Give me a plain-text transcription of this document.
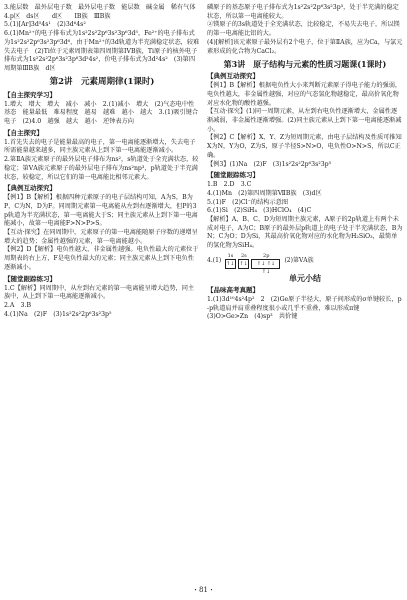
3.能层数　最外层电子数　最外层电子数　能层数　碱金属　稀有气体

4.p区　ds区　　d区　　IB族　ⅢB族

5.(1)[Ar]3d⁵4s¹　(2)3d⁶4s²

6.(1)Mn²⁺的电子排布式为1s²2s²2p⁶3s²3p⁶3d⁵，Fe²⁺的电子排布式为1s²2s²2p⁶3s²3p⁶3d⁶，由于Mn²⁺的3d轨道为半充满稳定状态，较难失去电子　(2)Ti位于元素周期表第四周期第IVB族，Ti原子的核外电子排布式为1s²2s²2p⁶3s²3p⁶3d²4s²，价电子排布式为3d²4s²　(3)第四周期第ⅢB族　d区

第2讲　元素周期律(1课时)
【自主探究学习】

1.增大　增大　增大　减小　减小　2.(1)减小　增大　(2)气态电中性基态　能量最低　难易程度　越易　越难　越小　越大　3.(1)吸引键合电子　(2)4.0　越强　越大　越小　逆钟表方向

【自主探究】

1.首先失去的电子是能量最高的电子，第一电离能逐渐增大，失去电子所需能量越来越多，同主族元素从上到下第一电离能逐渐减小。

2.第ⅡA族元素原子的最外层电子排布为ns²，s轨道处于全充满状态，较稳定；第ⅤA族元素原子的最外层电子排布为ns²np³，p轨道处于半充满状态，较稳定，所以它们的第一电离能比相邻元素大。

【典例互动探究】

【例1】B【解析】根据四种元素原子的电子层结构可知，A为S，B为P，C为N，D为F。同周期元素第一电离能从左到右逐渐增大，但P的3p轨道为半充满状态，第一电离能大于S；同主族元素从上到下第一电离能减小，故第一电离能F>N>P>S。

【互动·探究】在同周期中，元素原子的第一电离能随原子序数的递增呈增大的趋势；金属性越强的元素，第一电离能越小。

【例2】D【解析】电负性越大，非金属性越强。电负性最大的元素位于周期表的右上方，F是电负性最大的元素；同主族元素从上到下电负性逐渐减小。

【随堂跟踪练习】

1.C【解析】同周期中，从左到右元素的第一电离能呈增大趋势，同主族中，从上到下第一电离能逐渐减小。

2.A　3.B

4.(1)Na　(2)F　(3)1s²2s²2p⁶3s²3p⁵

磷原子的基态原子电子排布式为1s²2s²2p⁶3s²3p³，处于半充满的稳定状态，所以第一电离能较大。

②镁原子的3s轨道处于全充满状态，比较稳定，不易失去电子，所以镁的第一电离能比铝的大。

(4)[解析]该元素原子最外层有2个电子，位于第ⅡA族，应为Ca，与氯元素形成的化合物为CaCl₂。

第3讲　原子结构与元素的性质习题课(1课时)
【典例互动探究】

【例1】B【解析】根据电负性大小来判断元素原子得电子能力的强弱，电负性越大，非金属性越强，对应的气态氢化物越稳定，最高价氧化物对应水化物的酸性越强。

【互动·探究】(1)同一周期元素，从左到右电负性逐渐增大，金属性逐渐减弱，非金属性逐渐增强。(2)同主族元素从上到下第一电离能逐渐减小。

【例2】C【解析】X、Y、Z为短周期元素，由电子层结构及性质可推知X为N，Y为O，Z为S，原子半径S>N>O，电负性O>N>S，所以C正确。

【例3】(1)Na　(2)F　(3)1s²2s²2p⁶3s²3p⁵

【随堂跟踪练习】

1.B　2.D　3.C

4.(1)Mn　(2)第四周期第ⅦB族　(3)d区

5.(1)F　(2)Cl⁻的结构示意图

6.(1)Si　(2)SiH₄　(3)HClO₄　(4)C

【解析】A、B、C、D为短周期主族元素，A原子的2p轨道上有两个未成对电子，A为C；B原子的最外层p轨道上的电子处于半充满状态，B为N；C为O；D为Si，其最高价氧化物对应的水化物为H₂SiO₃，最简单的氢化物为SiH₄。

4.(1)
1s
↑↓
2s
↑↓
2p
↑↓ ↑↓ ↑↓
(2)第ⅤA族
单元小结
【品味高考真题】

1.(1)3d¹⁰4s²4p²　2　(2)Ge原子半径大，原子间形成的σ单键较长，p-p轨道肩并肩重叠程度很小或几乎不重叠，难以形成π键

(3)O>Ge>Zn　(4)sp³　共价键

・81・
